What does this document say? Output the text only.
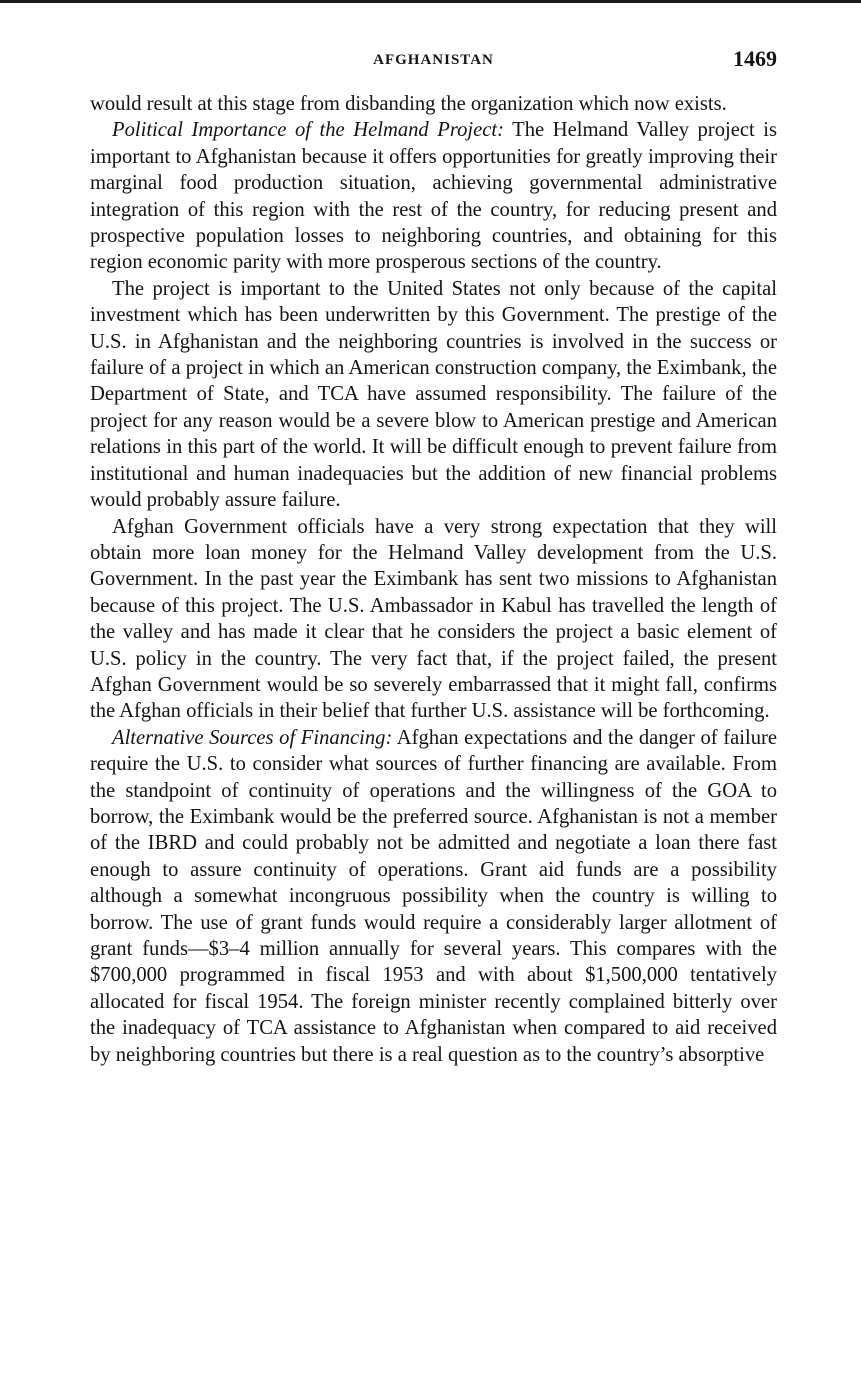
AFGHANISTAN	1469

would result at this stage from disbanding the organization which now exists.

Political Importance of the Helmand Project: The Helmand Valley project is important to Afghanistan because it offers opportunities for greatly improving their marginal food production situation, achieving governmental administrative integration of this region with the rest of the country, for reducing present and prospective population losses to neighboring countries, and obtaining for this region economic parity with more prosperous sections of the country.

The project is important to the United States not only because of the capital investment which has been underwritten by this Government. The prestige of the U.S. in Afghanistan and the neighboring countries is involved in the success or failure of a project in which an American construction company, the Eximbank, the Department of State, and TCA have assumed responsibility. The failure of the project for any reason would be a severe blow to American prestige and American relations in this part of the world. It will be difficult enough to prevent failure from institutional and human inadequacies but the addition of new financial problems would probably assure failure.

Afghan Government officials have a very strong expectation that they will obtain more loan money for the Helmand Valley development from the U.S. Government. In the past year the Eximbank has sent two missions to Afghanistan because of this project. The U.S. Ambassador in Kabul has travelled the length of the valley and has made it clear that he considers the project a basic element of U.S. policy in the country. The very fact that, if the project failed, the present Afghan Government would be so severely embarrassed that it might fall, confirms the Afghan officials in their belief that further U.S. assistance will be forthcoming.

Alternative Sources of Financing: Afghan expectations and the danger of failure require the U.S. to consider what sources of further financing are available. From the standpoint of continuity of operations and the willingness of the GOA to borrow, the Eximbank would be the preferred source. Afghanistan is not a member of the IBRD and could probably not be admitted and negotiate a loan there fast enough to assure continuity of operations. Grant aid funds are a possibility although a somewhat incongruous possibility when the country is willing to borrow. The use of grant funds would require a considerably larger allotment of grant funds—$3–4 million annually for several years. This compares with the $700,000 programmed in fiscal 1953 and with about $1,500,000 tentatively allocated for fiscal 1954. The foreign minister recently complained bitterly over the inadequacy of TCA assistance to Afghanistan when compared to aid received by neighboring countries but there is a real question as to the country’s absorptive
